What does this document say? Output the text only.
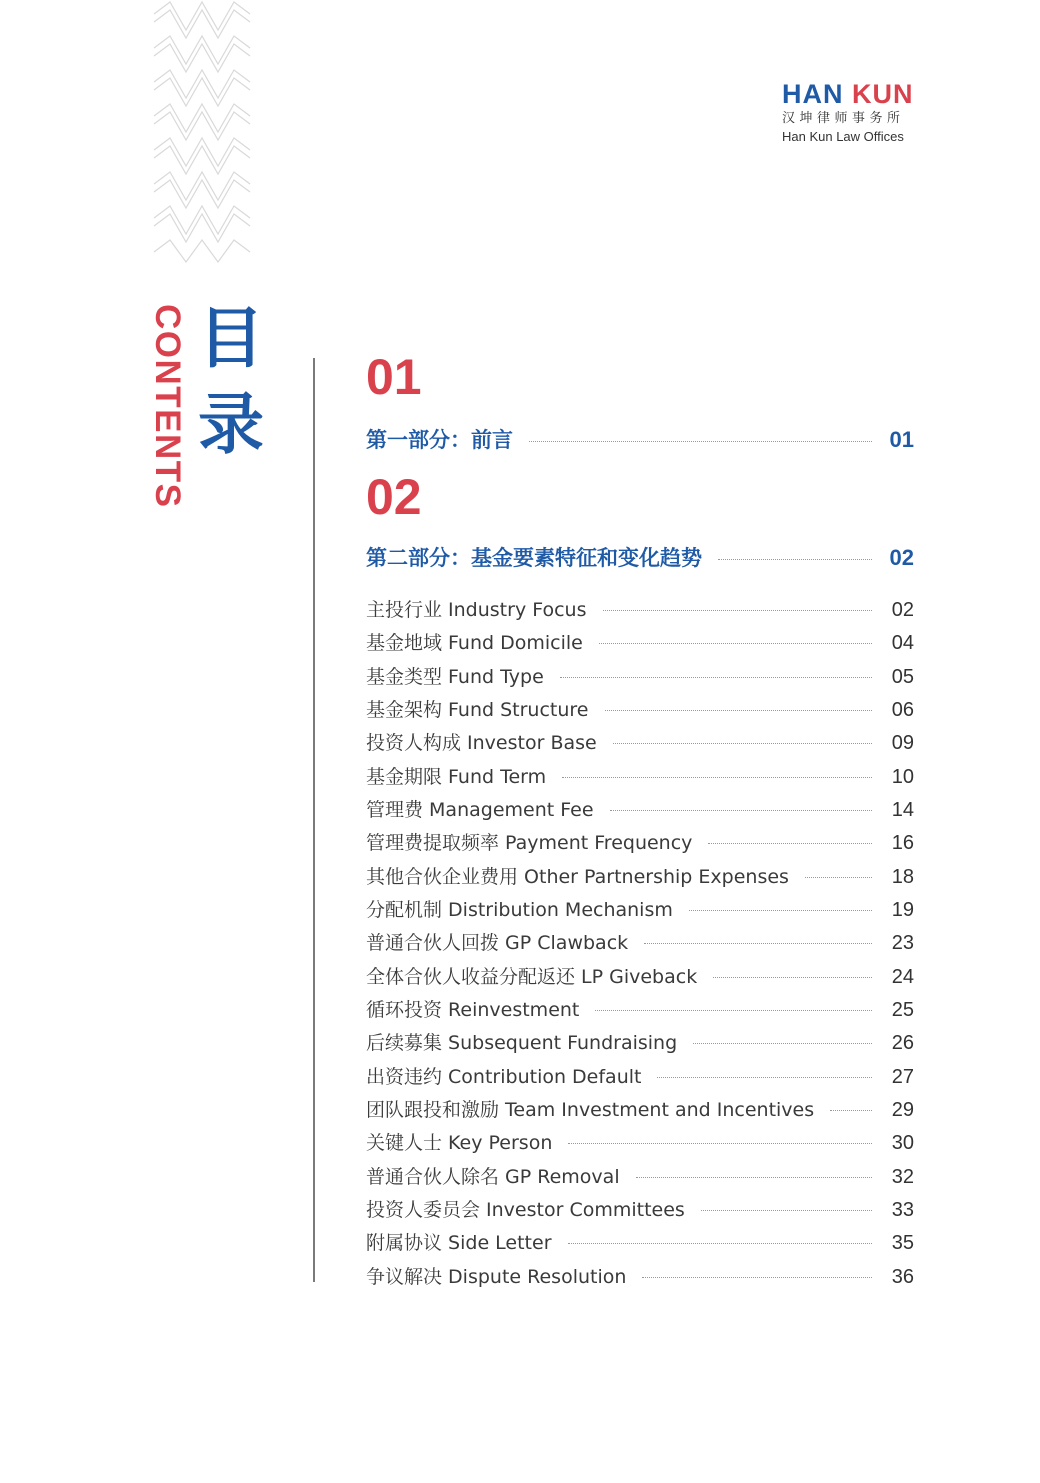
HAN KUN
汉坤律师事务所
Han Kun Law Offices
CONTENTS 目
录
01
第一部分：前言	01
02
第二部分：基金要素特征和变化趋势	02
主投行业 Industry Focus	02
基金地域 Fund Domicile	04
基金类型 Fund Type	05
基金架构 Fund Structure	06
投资人构成 Investor Base	09
基金期限 Fund Term	10
管理费 Management Fee	14
管理费提取频率 Payment Frequency	16
其他合伙企业费用 Other Partnership Expenses	18
分配机制 Distribution Mechanism	19
普通合伙人回拨 GP Clawback	23
全体合伙人收益分配返还 LP Giveback	24
循环投资 Reinvestment	25
后续募集 Subsequent Fundraising	26
出资违约 Contribution Default	27
团队跟投和激励 Team Investment and Incentives	29
关键人士 Key Person	30
普通合伙人除名 GP Removal	32
投资人委员会 Investor Committees	33
附属协议 Side Letter	35
争议解决 Dispute Resolution	36
